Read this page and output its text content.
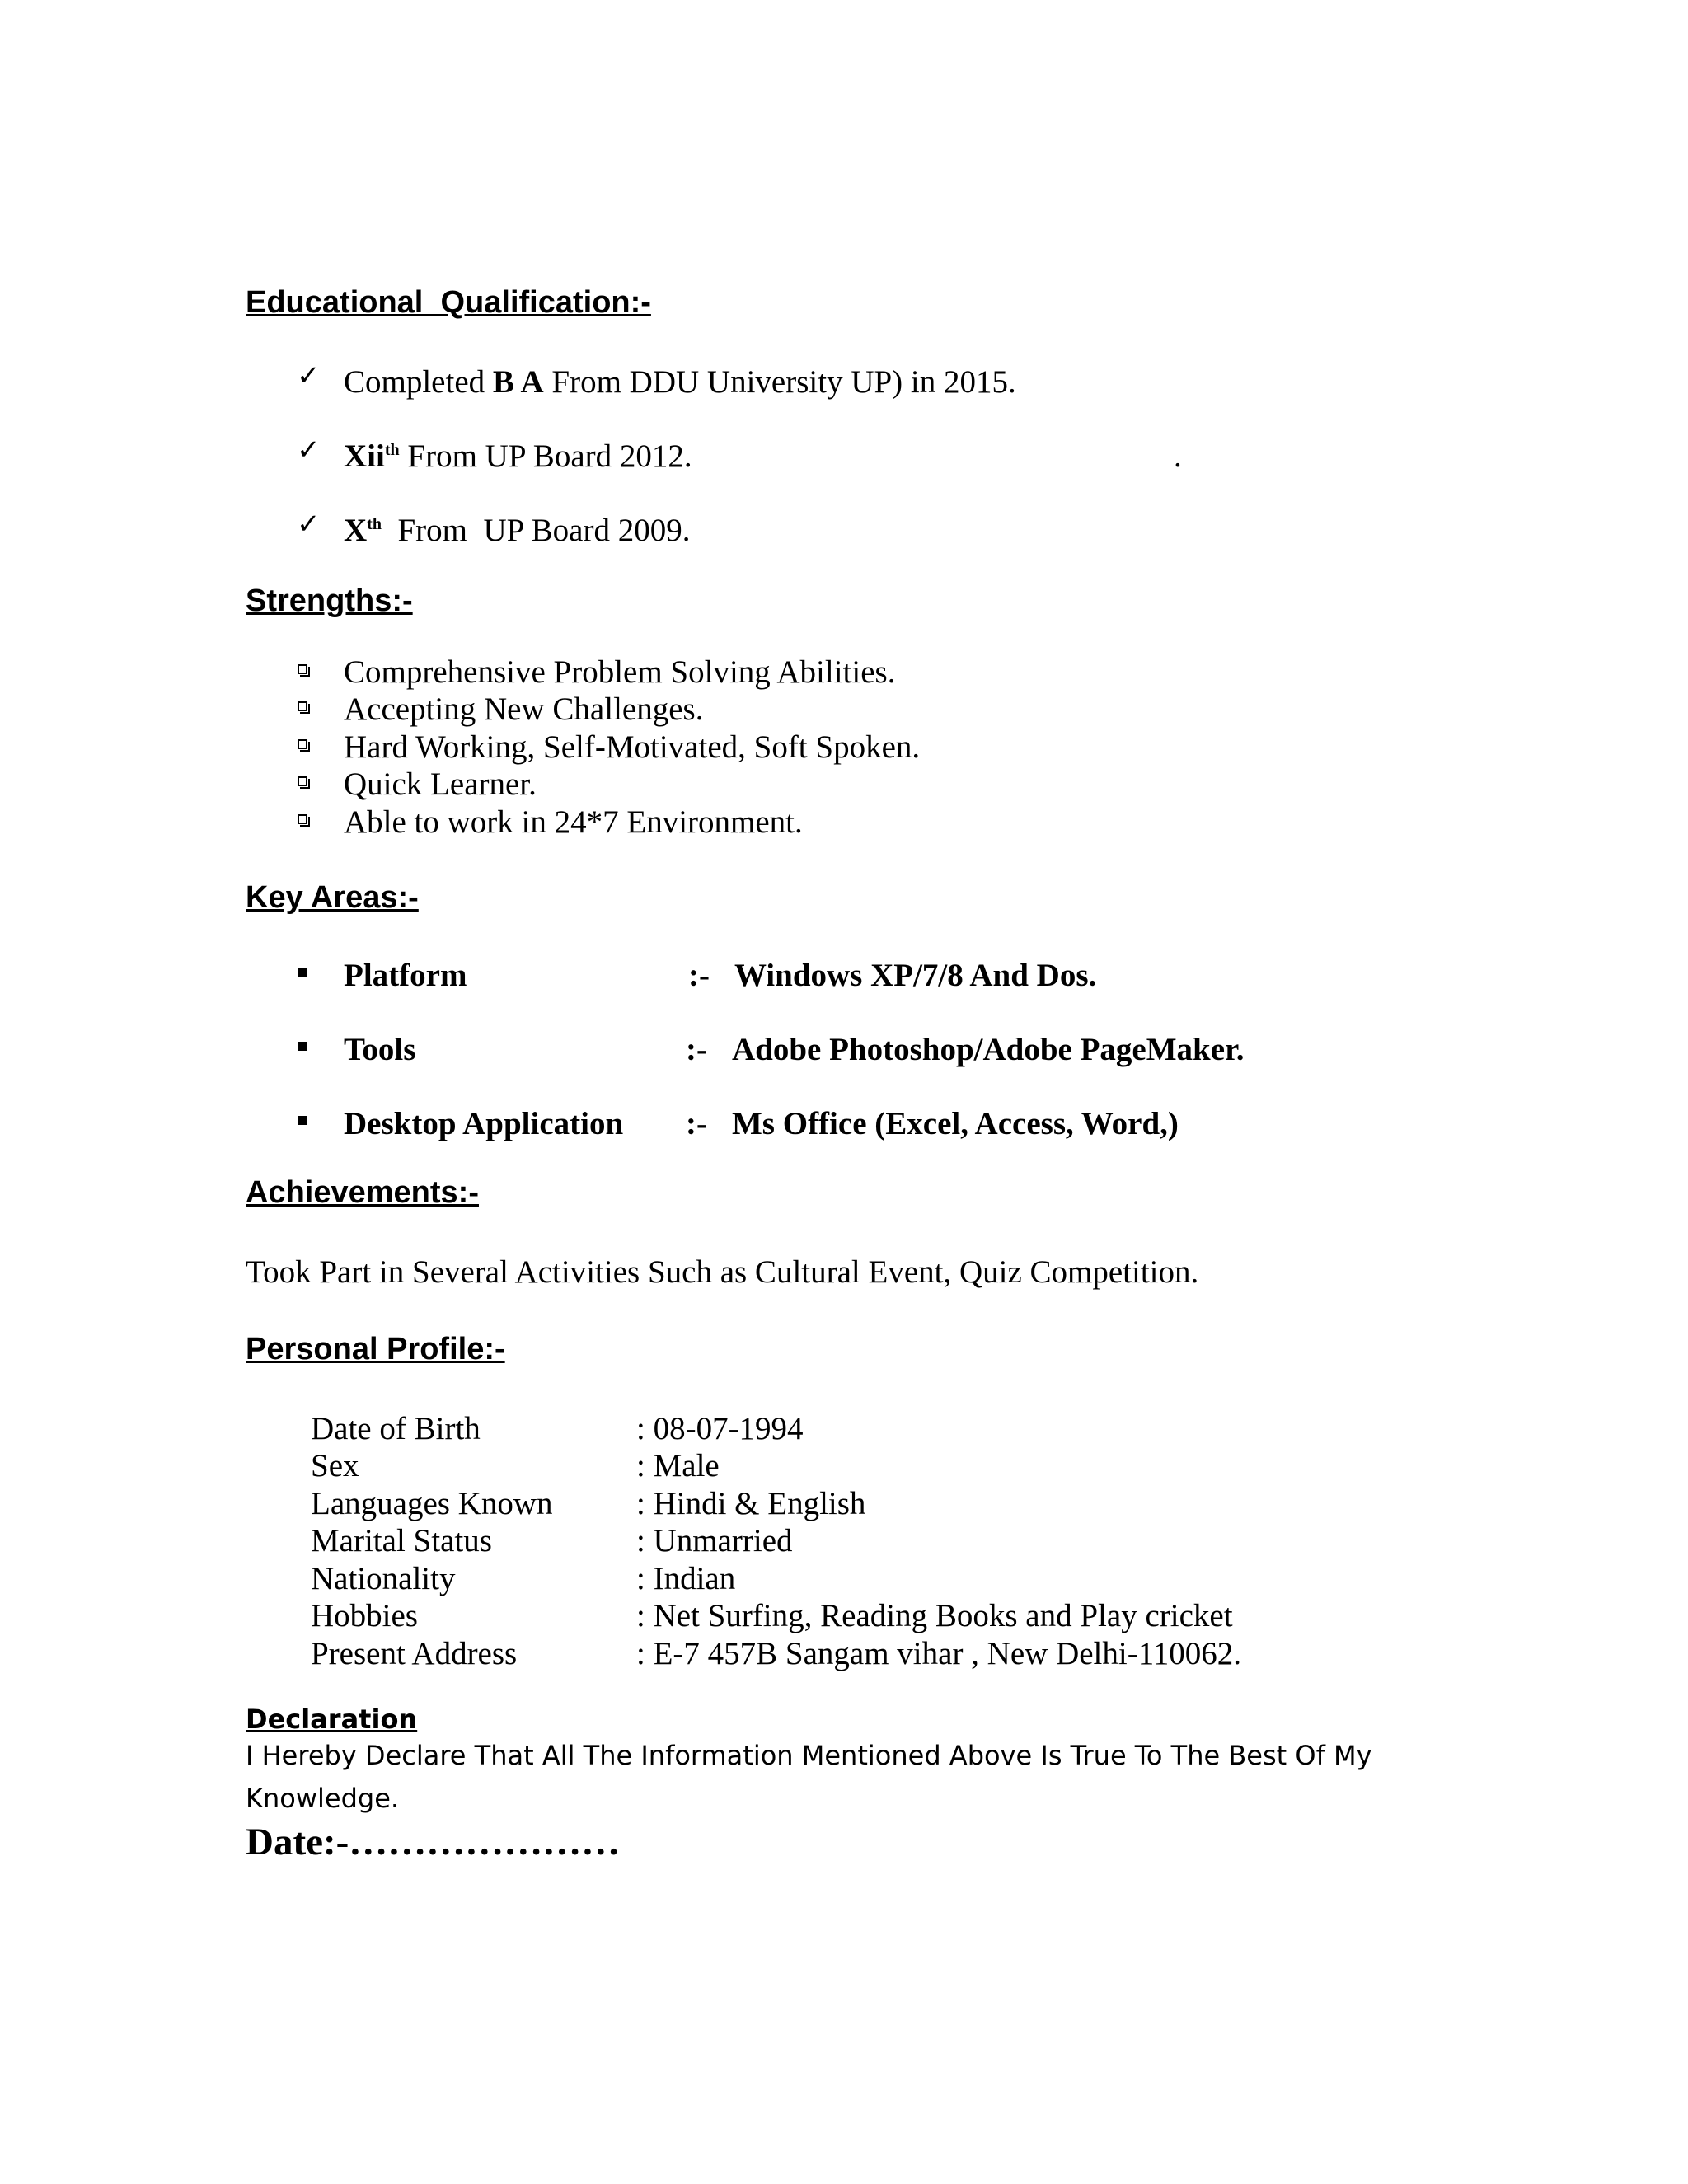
Educational  Qualification:-
✓ Completed B A From DDU University UP) in 2015.
✓ Xii$^{th}$ From UP Board 2012.	.
✓ Xth  From  UP Board 2009.
Strengths:-
Comprehensive Problem Solving Abilities.
Accepting New Challenges.
Hard Working, Self-Motivated, Soft Spoken.
Quick Learner.
Able to work in 24*7 Environment.
Key Areas:-
Platform	:- Windows XP/7/8 And Dos.
Tools	:- Adobe Photoshop/Adobe PageMaker.
Desktop Application :- Ms Office (Excel, Access, Word,)
Achievements:-
Took Part in Several Activities Such as Cultural Event, Quiz Competition.
Personal Profile:-
Date of Birth	: 08-07-1994
Sex	: Male
Languages Known	: Hindi & English
Marital Status	: Unmarried
Nationality	: Indian
Hobbies	: Net Surfing, Reading Books and Play cricket
Present Address	: E-7 457B Sangam vihar , New Delhi-110062.
Declaration
I Hereby Declare That All The Information Mentioned Above Is True To The Best Of My Knowledge.
Date:-…………………
